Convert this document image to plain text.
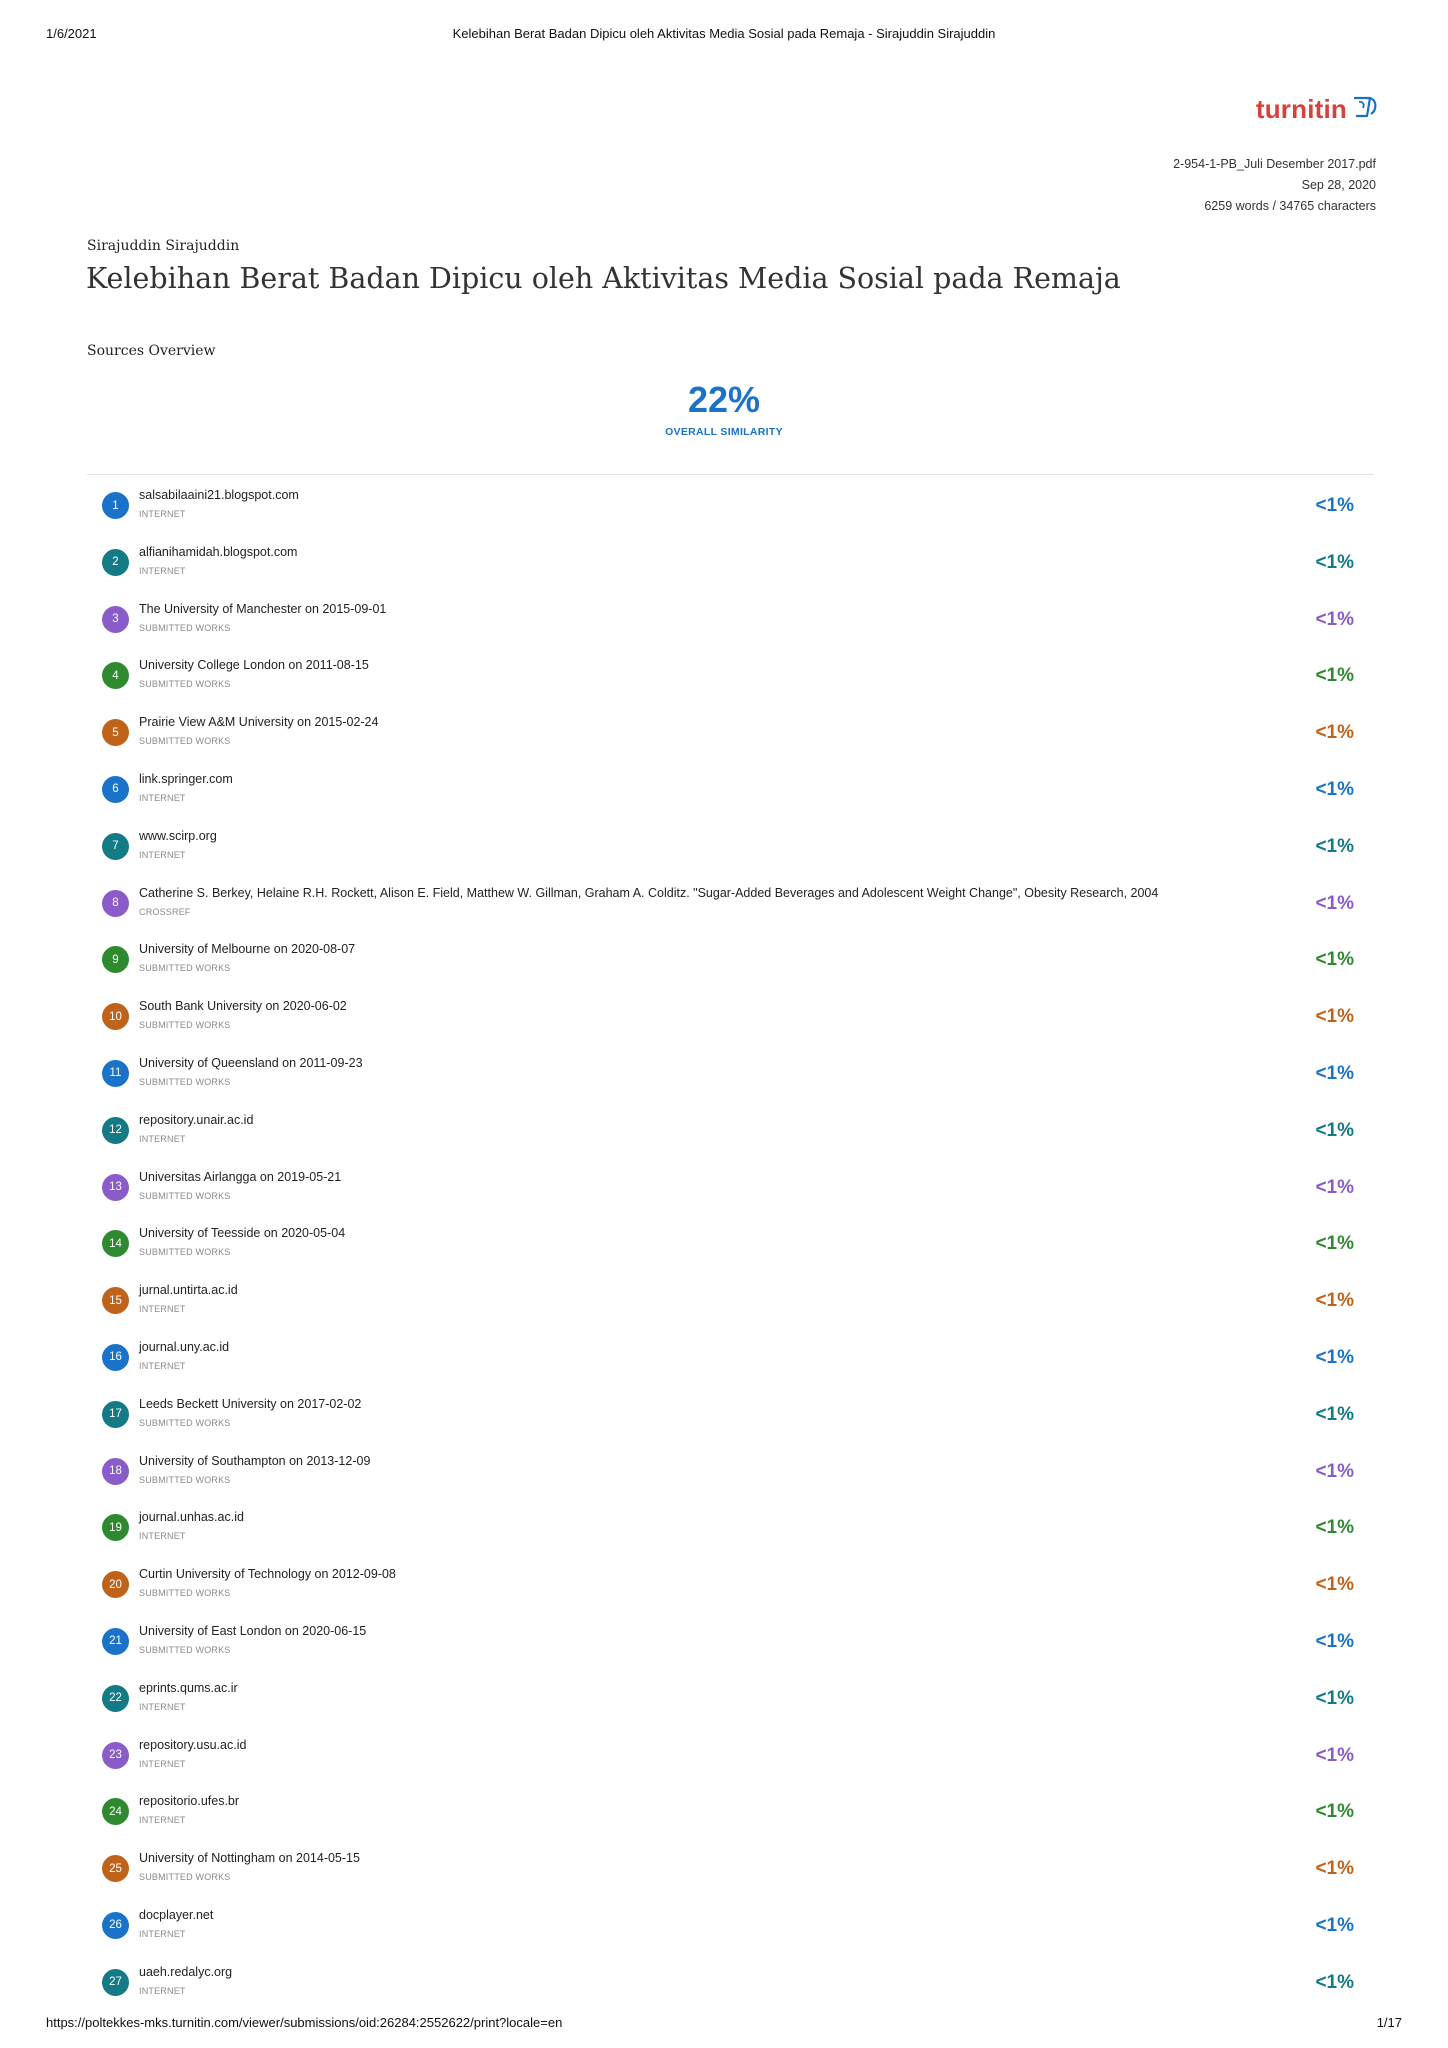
1/6/2021	Kelebihan Berat Badan Dipicu oleh Aktivitas Media Sosial pada Remaja - Sirajuddin Sirajuddin
turnitin
2-954-1-PB_Juli Desember 2017.pdf
Sep 28, 2020
6259 words / 34765 characters
Sirajuddin Sirajuddin
Kelebihan Berat Badan Dipicu oleh Aktivitas Media Sosial pada Remaja
Sources Overview
22%
OVERALL SIMILARITY
1
salsabilaaini21.blogspot.com
INTERNET	<1%
2
alfianihamidah.blogspot.com
INTERNET	<1%
3
The University of Manchester on 2015-09-01
SUBMITTED WORKS	<1%
4
University College London on 2011-08-15
SUBMITTED WORKS	<1%
5
Prairie View A&M University on 2015-02-24
SUBMITTED WORKS	<1%
6
link.springer.com
INTERNET	<1%
7
www.scirp.org
INTERNET	<1%
8
Catherine S. Berkey, Helaine R.H. Rockett, Alison E. Field, Matthew W. Gillman, Graham A. Colditz. "Sugar-Added Beverages and Adolescent Weight Change", Obesity Research, 2004
CROSSREF	<1%
9
University of Melbourne on 2020-08-07
SUBMITTED WORKS	<1%
10
South Bank University on 2020-06-02
SUBMITTED WORKS	<1%
11
University of Queensland on 2011-09-23
SUBMITTED WORKS	<1%
12
repository.unair.ac.id
INTERNET	<1%
13
Universitas Airlangga on 2019-05-21
SUBMITTED WORKS	<1%
14
University of Teesside on 2020-05-04
SUBMITTED WORKS	<1%
15
jurnal.untirta.ac.id
INTERNET	<1%
16
journal.uny.ac.id
INTERNET	<1%
17
Leeds Beckett University on 2017-02-02
SUBMITTED WORKS	<1%
18
University of Southampton on 2013-12-09
SUBMITTED WORKS	<1%
19
journal.unhas.ac.id
INTERNET	<1%
20
Curtin University of Technology on 2012-09-08
SUBMITTED WORKS	<1%
21
University of East London on 2020-06-15
SUBMITTED WORKS	<1%
22
eprints.qums.ac.ir
INTERNET	<1%
23
repository.usu.ac.id
INTERNET	<1%
24
repositorio.ufes.br
INTERNET	<1%
25
University of Nottingham on 2014-05-15
SUBMITTED WORKS	<1%
26
docplayer.net
INTERNET	<1%
27
uaeh.redalyc.org
INTERNET	<1%
https://poltekkes-mks.turnitin.com/viewer/submissions/oid:26284:2552622/print?locale=en	1/17
